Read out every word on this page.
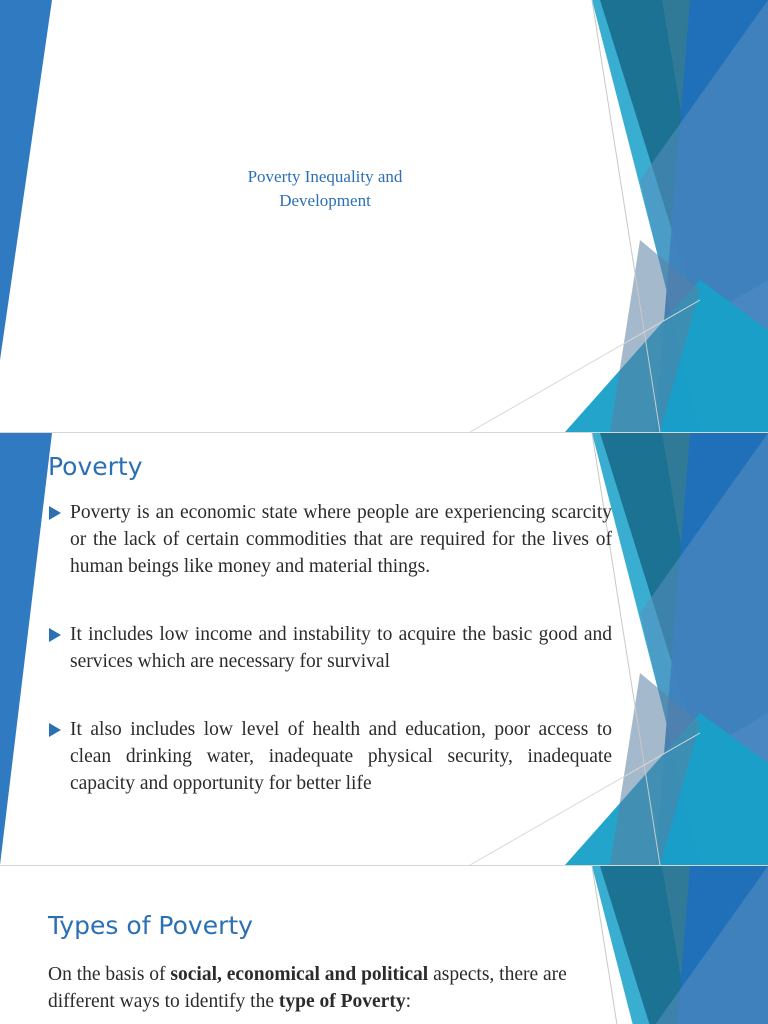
Poverty Inequality and
Development
Poverty
Poverty is an economic state where people are experiencing scarcity or the lack of certain commodities that are required for the lives of human beings like money and material things.
It includes low income and instability to acquire the basic good and services which are necessary for survival
It also includes low level of health and education, poor access to clean drinking water, inadequate physical security, inadequate capacity and opportunity for better life
Types of Poverty

On the basis of social, economical and political aspects, there are different ways to identify the type of Poverty:
